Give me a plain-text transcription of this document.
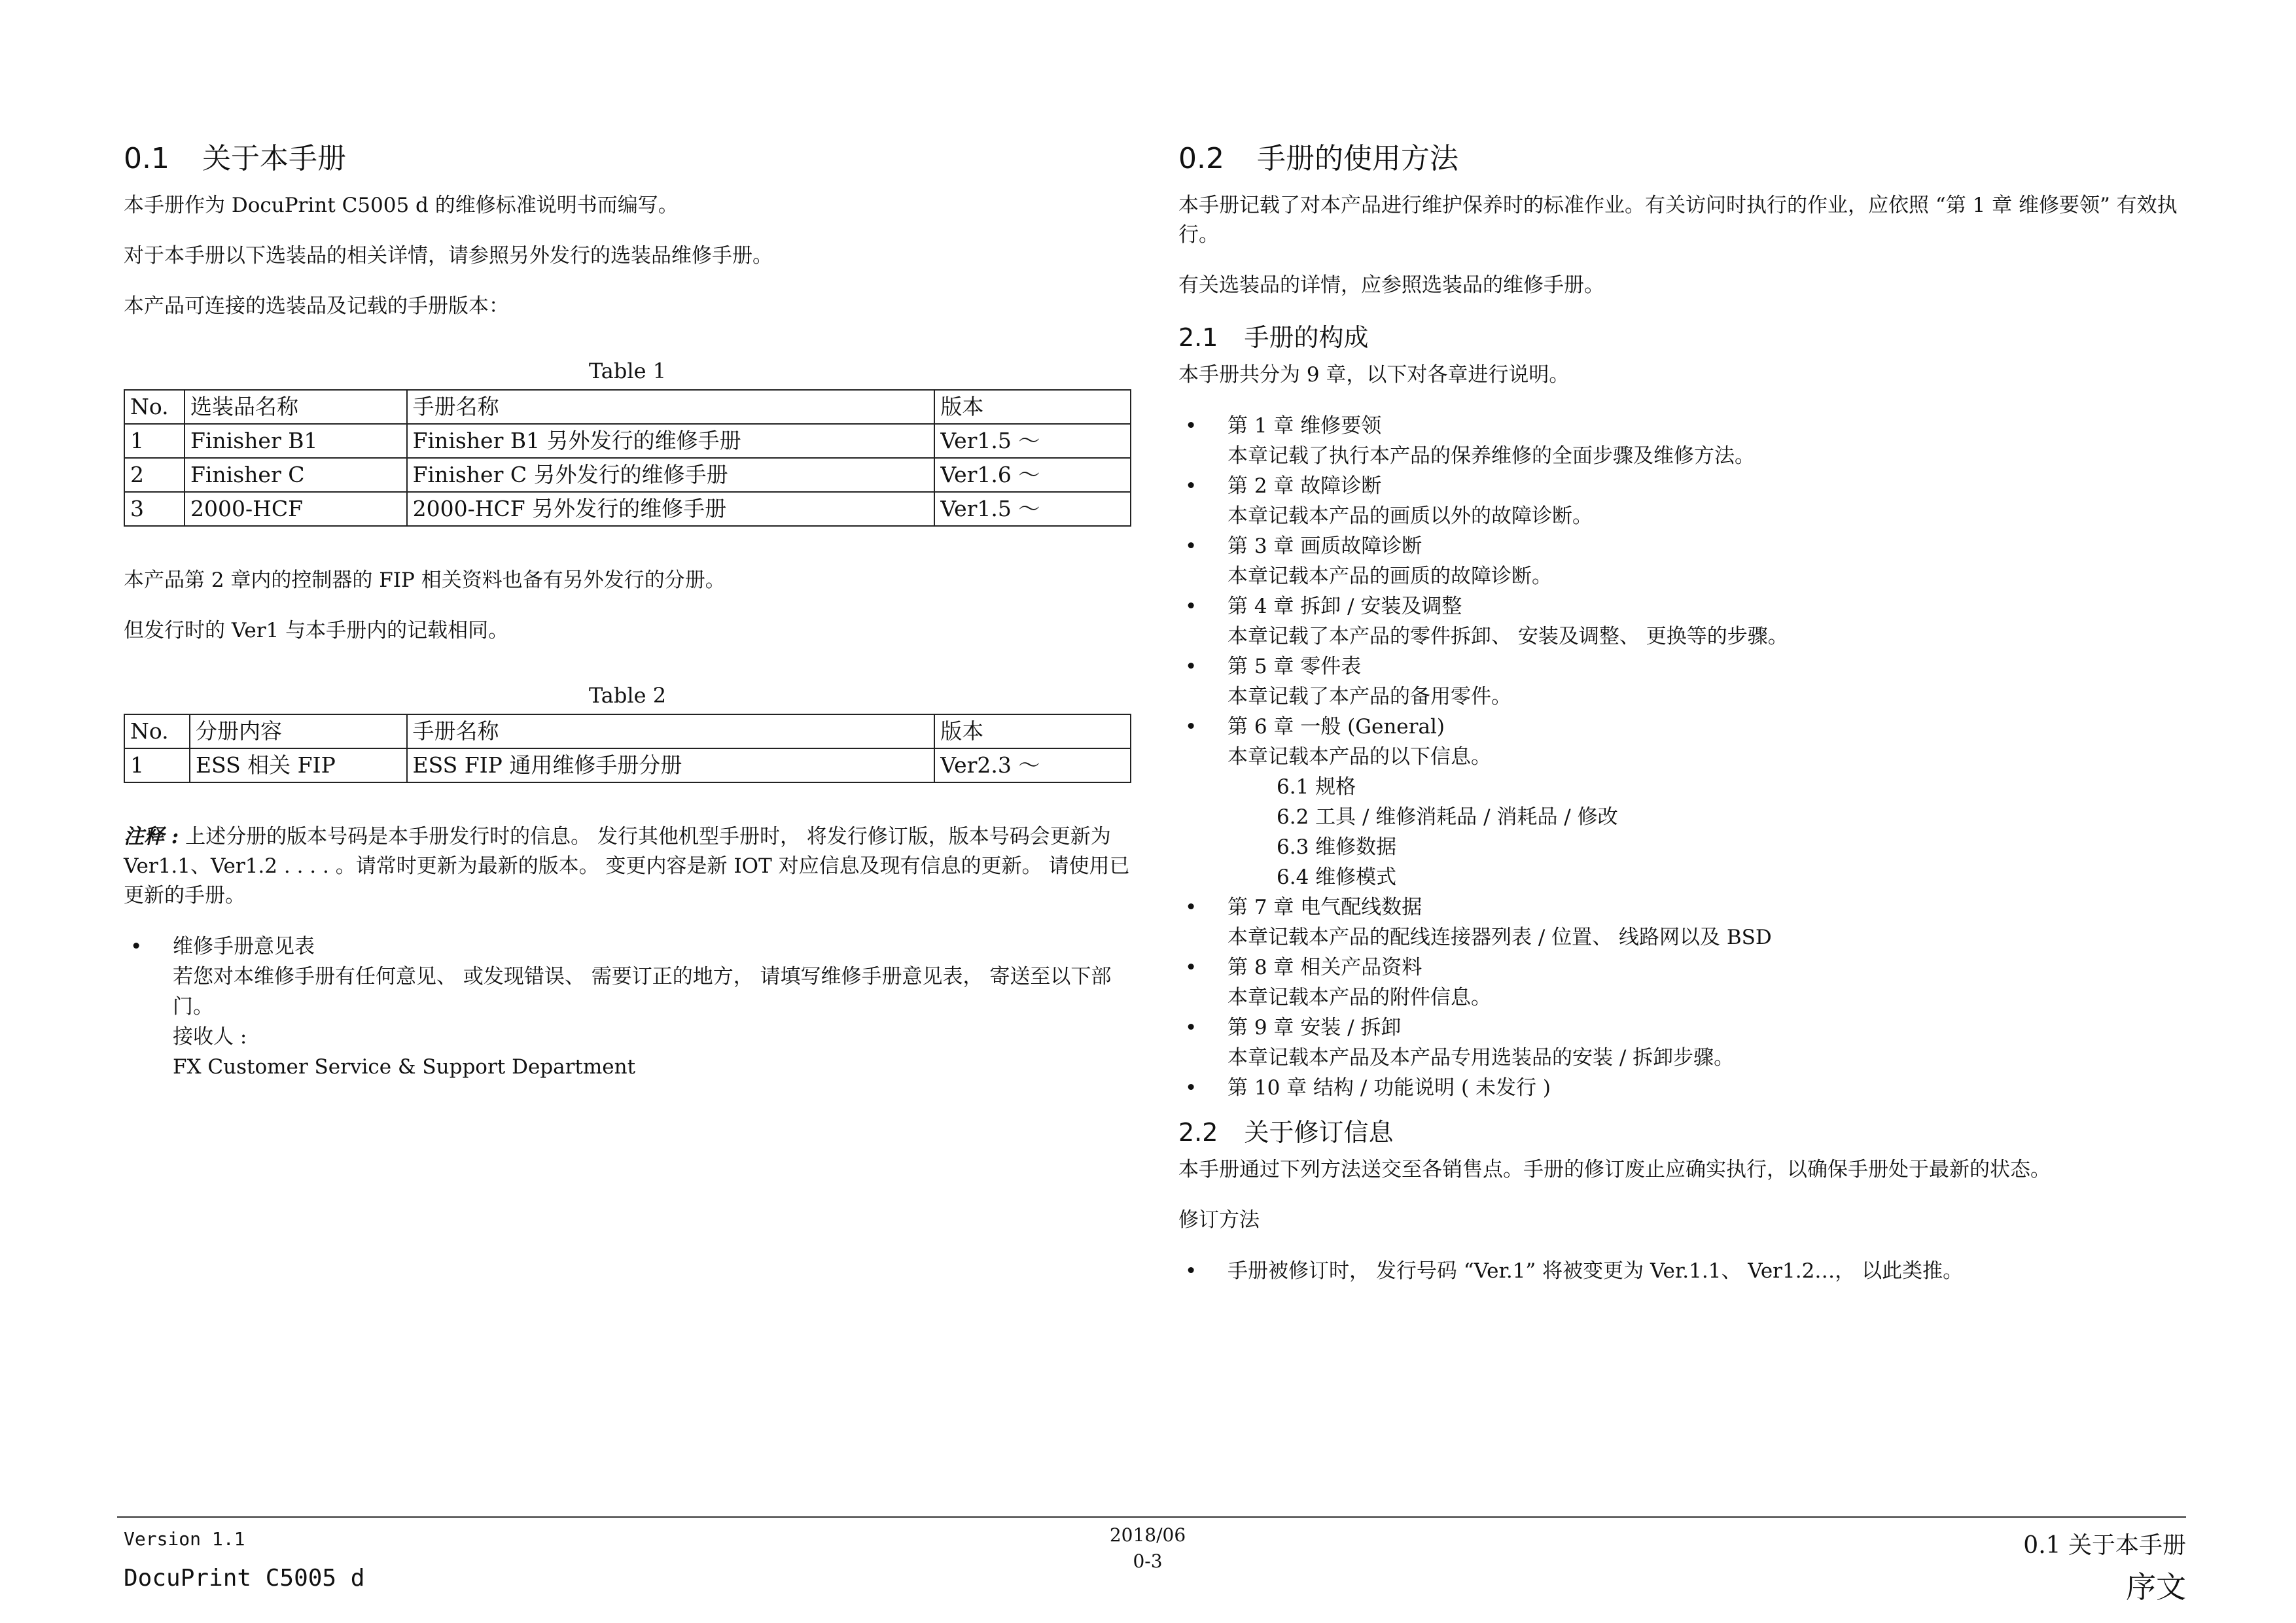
0.1 关于本手册

本手册作为 DocuPrint C5005 d 的维修标准说明书而编写。

对于本手册以下选装品的相关详情，请参照另外发行的选装品维修手册。

本产品可连接的选装品及记载的手册版本：

Table 1
No.	选装品名称	手册名称	版本
1	Finisher B1	Finisher B1 另外发行的维修手册	Ver1.5 ～
2	Finisher C	Finisher C 另外发行的维修手册	Ver1.6 ～
3	2000-HCF	2000-HCF 另外发行的维修手册	Ver1.5 ～

本产品第 2 章内的控制器的 FIP 相关资料也备有另外发行的分册。

但发行时的 Ver1 与本手册内的记载相同。

Table 2
No.	分册内容	手册名称	版本
1	ESS 相关 FIP	ESS FIP 通用维修手册分册	Ver2.3 ～

注释 : 上述分册的版本号码是本手册发行时的信息。 发行其他机型手册时， 将发行修订版，版本号码会更新为 Ver1.1、Ver1.2 . . . . 。请常时更新为最新的版本。 变更内容是新 IOT 对应信息及现有信息的更新。 请使用已更新的手册。

• 维修手册意见表
若您对本维修手册有任何意见、 或发现错误、 需要订正的地方， 请填写维修手册意见表， 寄送至以下部门。
接收人 :
FX Customer Service & Support Department
0.2 手册的使用方法

本手册记载了对本产品进行维护保养时的标准作业。有关访问时执行的作业，应依照 “第 1 章 维修要领” 有效执行。

有关选装品的详情，应参照选装品的维修手册。

2.1 手册的构成

本手册共分为 9 章，以下对各章进行说明。

• 第 1 章 维修要领
本章记载了执行本产品的保养维修的全面步骤及维修方法。
• 第 2 章 故障诊断
本章记载本产品的画质以外的故障诊断。
• 第 3 章 画质故障诊断
本章记载本产品的画质的故障诊断。
• 第 4 章 拆卸 / 安装及调整
本章记载了本产品的零件拆卸、 安装及调整、 更换等的步骤。
• 第 5 章 零件表
本章记载了本产品的备用零件。
• 第 6 章 一般 (General)
本章记载本产品的以下信息。
6.1 规格
6.2 工具 / 维修消耗品 / 消耗品 / 修改
6.3 维修数据
6.4 维修模式
• 第 7 章 电气配线数据
本章记载本产品的配线连接器列表 / 位置、 线路网以及 BSD
• 第 8 章 相关产品资料
本章记载本产品的附件信息。
• 第 9 章 安装 / 拆卸
本章记载本产品及本产品专用选装品的安装 / 拆卸步骤。
• 第 10 章 结构 / 功能说明 ( 未发行 )
2.2 关于修订信息

本手册通过下列方法送交至各销售点。手册的修订废止应确实执行，以确保手册处于最新的状态。

修订方法

• 手册被修订时， 发行号码 “Ver.1” 将被变更为 Ver.1.1、 Ver1.2…， 以此类推。
Version 1.1
DocuPrint C5005 d
2018/06
0-3
0.1 关于本手册
序文
